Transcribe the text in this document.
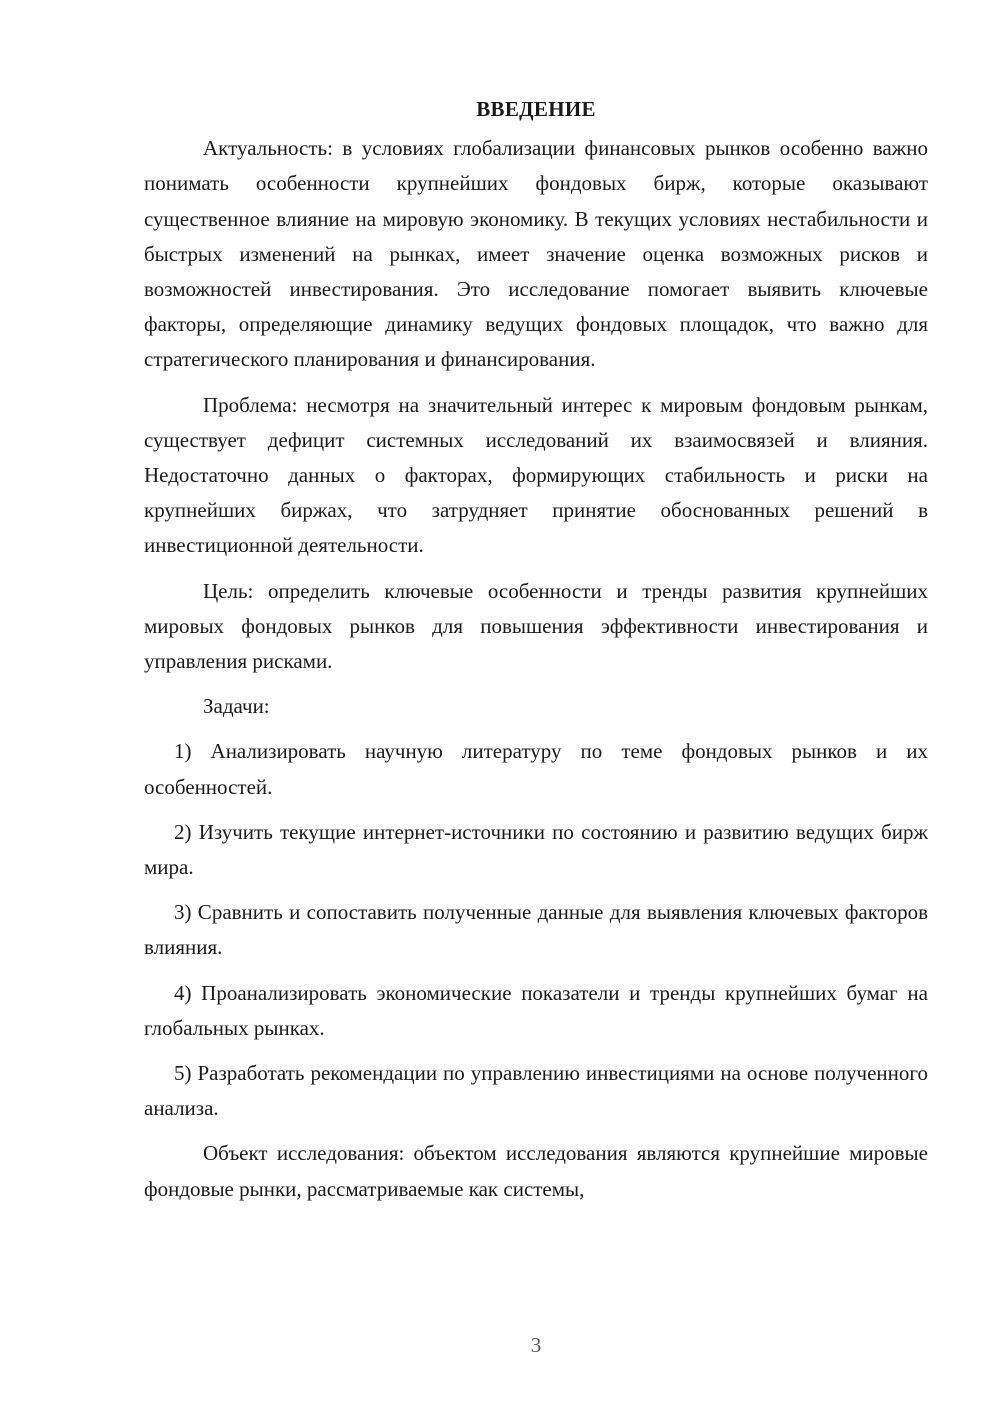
ВВЕДЕНИЕ

Актуальность: в условиях глобализации финансовых рынков особенно важно понимать особенности крупнейших фондовых бирж, которые оказывают существенное влияние на мировую экономику. В текущих условиях нестабильности и быстрых изменений на рынках, имеет значение оценка возможных рисков и возможностей инвестирования. Это исследование помогает выявить ключевые факторы, определяющие динамику ведущих фондовых площадок, что важно для стратегического планирования и финансирования.

Проблема: несмотря на значительный интерес к мировым фондовым рынкам, существует дефицит системных исследований их взаимосвязей и влияния. Недостаточно данных о факторах, формирующих стабильность и риски на крупнейших биржах, что затрудняет принятие обоснованных решений в инвестиционной деятельности.

Цель: определить ключевые особенности и тренды развития крупнейших мировых фондовых рынков для повышения эффективности инвестирования и управления рисками.

Задачи:

1) Анализировать научную литературу по теме фондовых рынков и их особенностей.

2) Изучить текущие интернет-источники по состоянию и развитию ведущих бирж мира.

3) Сравнить и сопоставить полученные данные для выявления ключевых факторов влияния.

4) Проанализировать экономические показатели и тренды крупнейших бумаг на глобальных рынках.

5) Разработать рекомендации по управлению инвестициями на основе полученного анализа.

Объект исследования: объектом исследования являются крупнейшие мировые фондовые рынки, рассматриваемые как системы,

3
